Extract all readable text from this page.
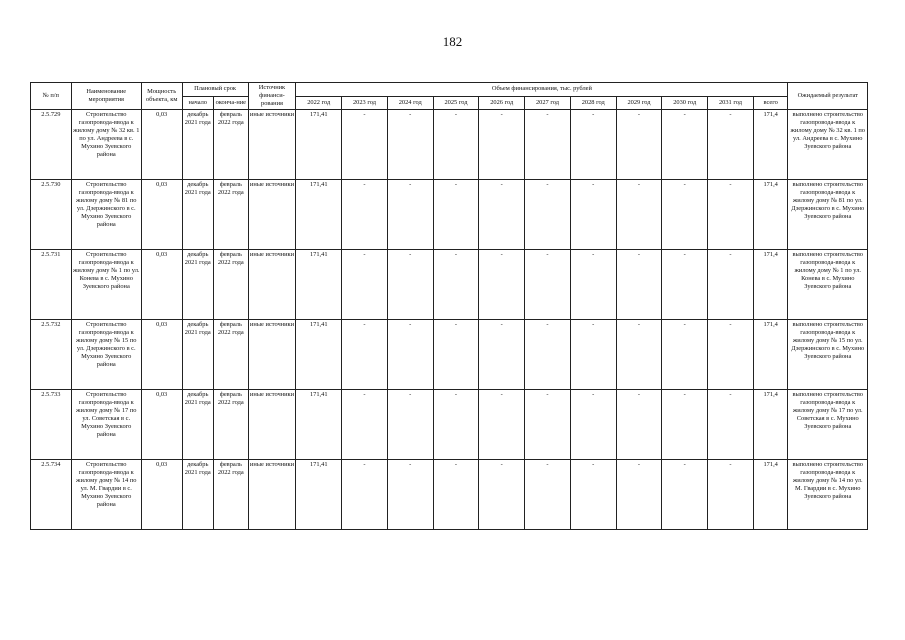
182
№ п/п	Наименование мероприятия	Мощность объекта, км	Плановый срок		Источник финанси-рования	Объем финансирования, тыс. рублей											Ожидаемый результат
			начало	оконча-ние		2022 год	2023 год	2024 год	2025 год	2026 год	2027 год	2028 год	2029 год	2030 год	2031 год	всего	
2.5.729	Строительство газопровода-ввода к жилому дому № 32 кв. 1 по ул. Андреева в с. Мухино Зуевского района	0,03	декабрь 2021 года	февраль 2022 года	иные источники	171,41	-	-	-	-	-	-	-	-	-	171,4	выполнено строительство газопровода-ввода к жилому дому № 32 кв. 1 по ул. Андреева в с. Мухино Зуевского района
2.5.730	Строительство газопровода-ввода к жилому дому № 81 по ул. Дзержинского в с. Мухино Зуевского района	0,03	декабрь 2021 года	февраль 2022 года	иные источники	171,41	-	-	-	-	-	-	-	-	-	171,4	выполнено строительство газопровода-ввода к жилому дому № 81 по ул. Дзержинского в с. Мухино Зуевского района
2.5.731	Строительство газопровода-ввода к жилому дому № 1 по ул. Конева в с. Мухино Зуевского района	0,03	декабрь 2021 года	февраль 2022 года	иные источники	171,41	-	-	-	-	-	-	-	-	-	171,4	выполнено строительство газопровода-ввода к жилому дому № 1 по ул. Конева в с. Мухино Зуевского района
2.5.732	Строительство газопровода-ввода к жилому дому № 15 по ул. Дзержинского в с. Мухино Зуевского района	0,03	декабрь 2021 года	февраль 2022 года	иные источники	171,41	-	-	-	-	-	-	-	-	-	171,4	выполнено строительство газопровода-ввода к жилому дому № 15 по ул. Дзержинского в с. Мухино Зуевского района
2.5.733	Строительство газопровода-ввода к жилому дому № 17 по ул. Советская в с. Мухино Зуевского района	0,03	декабрь 2021 года	февраль 2022 года	иные источники	171,41	-	-	-	-	-	-	-	-	-	171,4	выполнено строительство газопровода-ввода к жилому дому № 17 по ул. Советская в с. Мухино Зуевского района
2.5.734	Строительство газопровода-ввода к жилому дому № 14 по ул. М. Гвардии в с. Мухино Зуевского района	0,03	декабрь 2021 года	февраль 2022 года	иные источники	171,41	-	-	-	-	-	-	-	-	-	171,4	выполнено строительство газопровода-ввода к жилому дому № 14 по ул. М. Гвардии в с. Мухино Зуевского района
